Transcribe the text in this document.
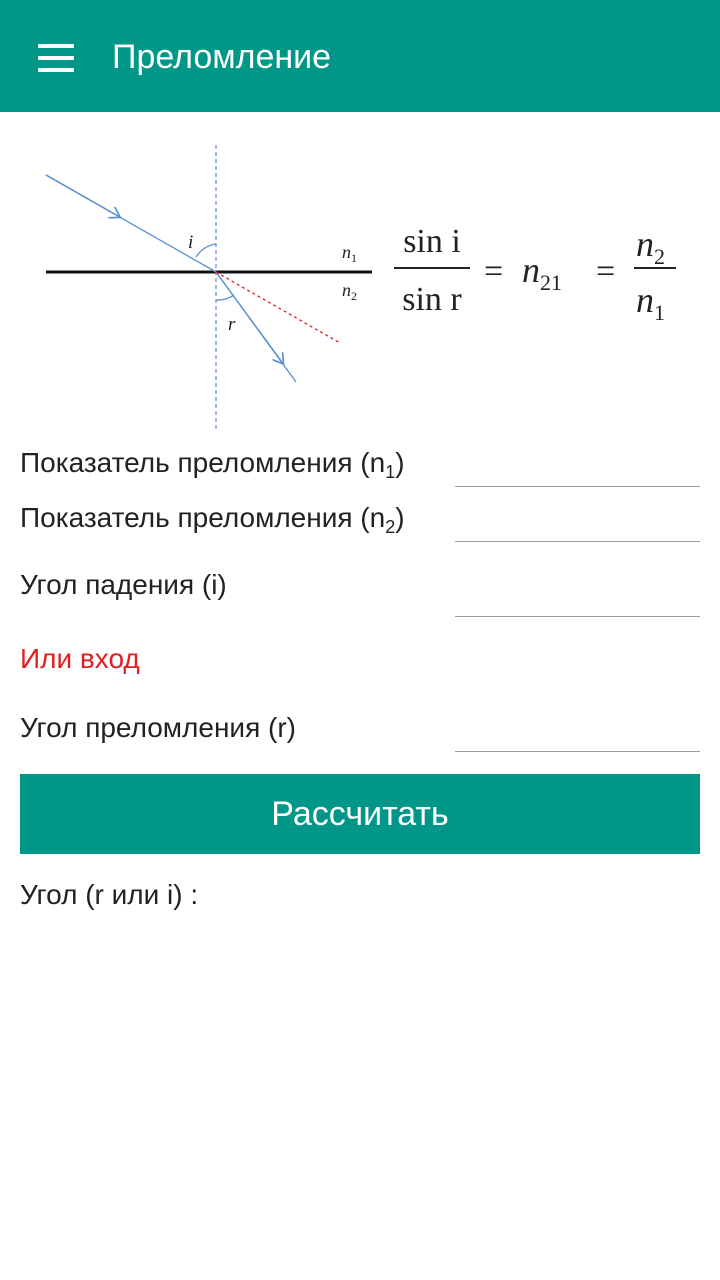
Преломление
i
r
$n_1$
$n_2$
sin i
sin r
= $n_{21}$ =
$n_2$
$n_1$
Показатель преломления $(n_1)$
Показатель преломления $(n_2)$
Угол падения (i)
Или вход
Угол преломления (r)
Рассчитать
Угол (r или i) :
